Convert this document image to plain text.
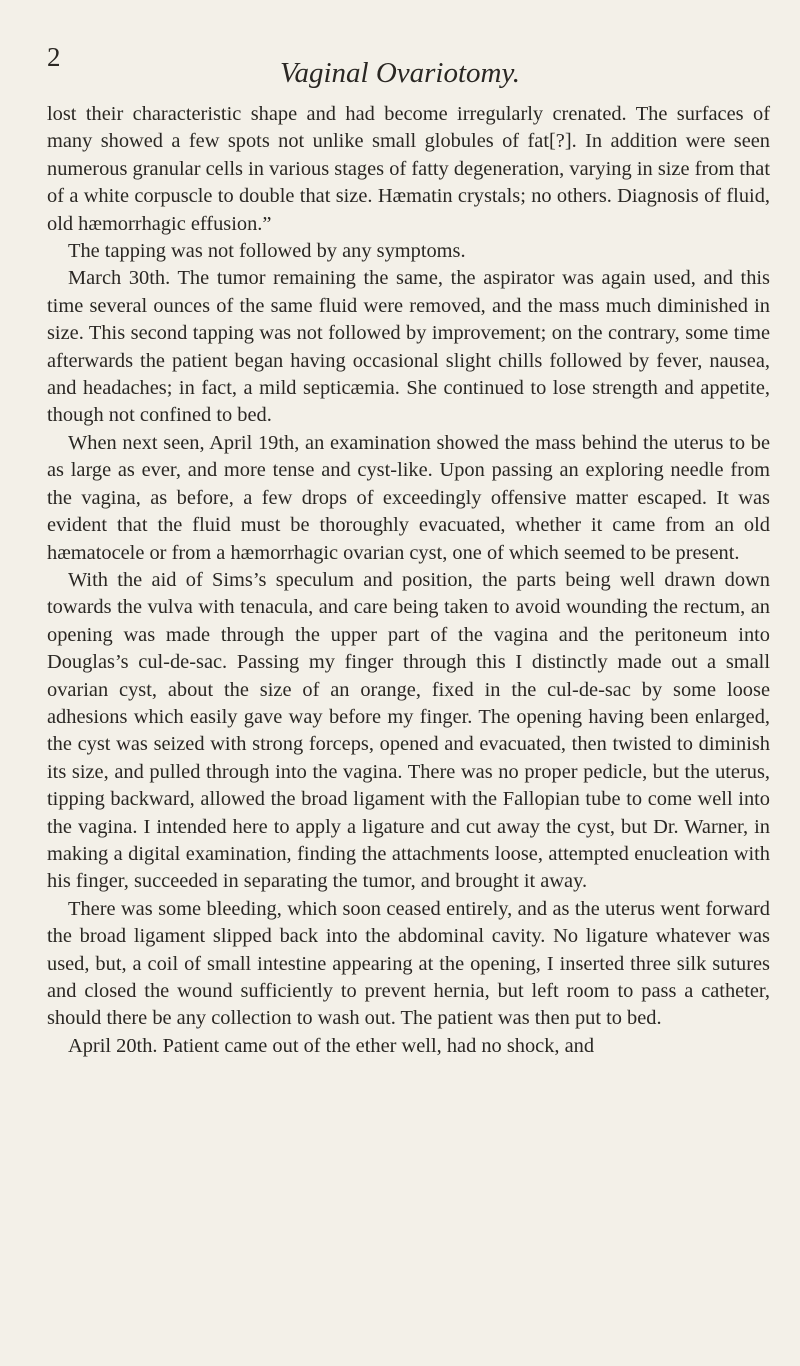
2	Vaginal Ovariotomy.

lost their characteristic shape and had become irregularly crenated. The surfaces of many showed a few spots not unlike small globules of fat[?]. In addition were seen numerous granular cells in various stages of fatty degeneration, varying in size from that of a white corpuscle to double that size. Hæmatin crystals; no others. Diagnosis of fluid, old hæmorrhagic effusion.”

The tapping was not followed by any symptoms.

March 30th. The tumor remaining the same, the aspirator was again used, and this time several ounces of the same fluid were removed, and the mass much diminished in size. This second tapping was not followed by improvement; on the contrary, some time afterwards the patient began having occasional slight chills followed by fever, nausea, and headaches; in fact, a mild septicæmia. She continued to lose strength and appetite, though not confined to bed.

When next seen, April 19th, an examination showed the mass behind the uterus to be as large as ever, and more tense and cyst-like. Upon passing an exploring needle from the vagina, as before, a few drops of exceedingly offensive matter escaped. It was evident that the fluid must be thoroughly evacuated, whether it came from an old hæmatocele or from a hæmorrhagic ovarian cyst, one of which seemed to be present.

With the aid of Sims’s speculum and position, the parts being well drawn down towards the vulva with tenacula, and care being taken to avoid wounding the rectum, an opening was made through the upper part of the vagina and the peritoneum into Douglas’s cul-de-sac. Passing my finger through this I distinctly made out a small ovarian cyst, about the size of an orange, fixed in the cul-de-sac by some loose adhesions which easily gave way before my finger. The opening having been enlarged, the cyst was seized with strong forceps, opened and evacuated, then twisted to diminish its size, and pulled through into the vagina. There was no proper pedicle, but the uterus, tipping backward, allowed the broad ligament with the Fallopian tube to come well into the vagina. I intended here to apply a ligature and cut away the cyst, but Dr. Warner, in making a digital examination, finding the attachments loose, attempted enucleation with his finger, succeeded in separating the tumor, and brought it away.

There was some bleeding, which soon ceased entirely, and as the uterus went forward the broad ligament slipped back into the abdominal cavity. No ligature whatever was used, but, a coil of small intestine appearing at the opening, I inserted three silk sutures and closed the wound sufficiently to prevent hernia, but left room to pass a catheter, should there be any collection to wash out. The patient was then put to bed.

April 20th. Patient came out of the ether well, had no shock, and
